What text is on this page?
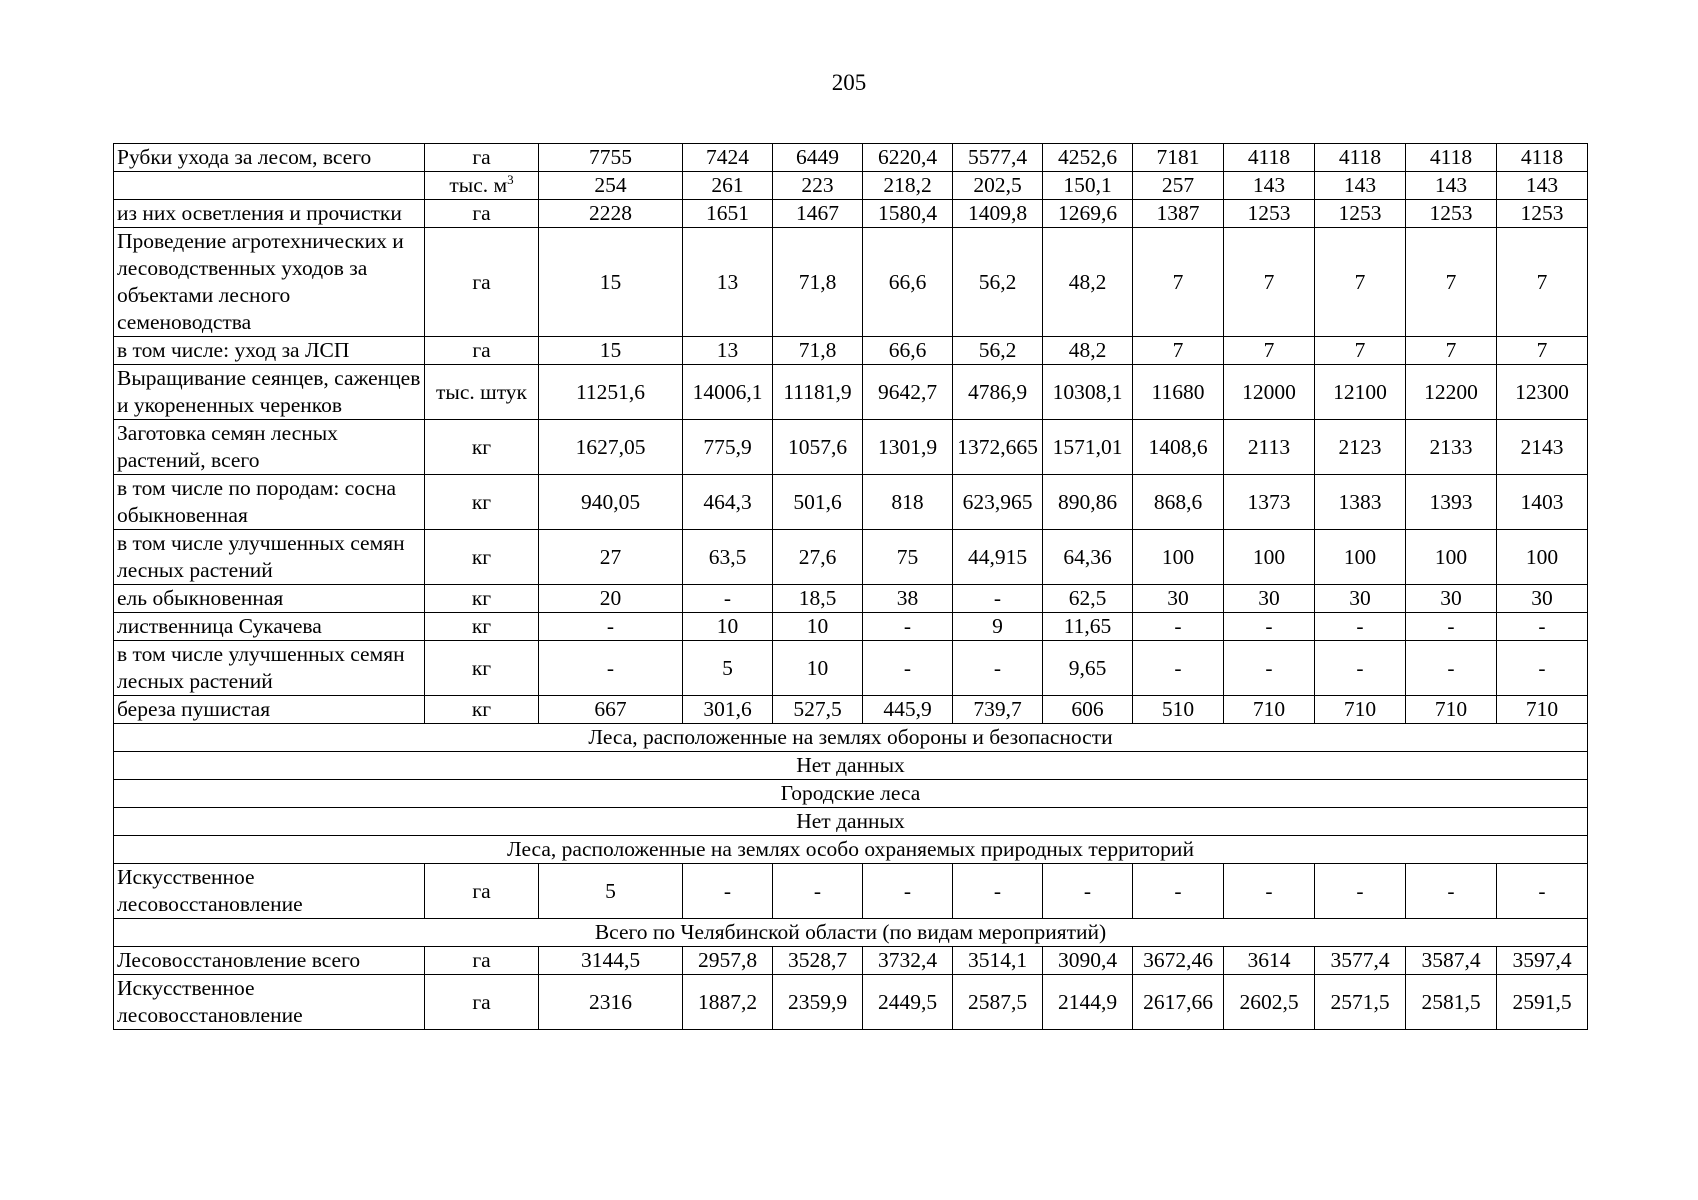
205
Рубки ухода за лесом, всего	га	7755	7424	6449	6220,4	5577,4	4252,6	7181	4118	4118	4118	4118
	тыс. $м^3$	254	261	223	218,2	202,5	150,1	257	143	143	143	143
из них осветления и прочистки	га	2228	1651	1467	1580,4	1409,8	1269,6	1387	1253	1253	1253	1253
Проведение агротехнических и лесоводственных уходов за объектами лесного семеноводства	га	15	13	71,8	66,6	56,2	48,2	7	7	7	7	7
в том числе: уход за ЛСП	га	15	13	71,8	66,6	56,2	48,2	7	7	7	7	7
Выращивание сеянцев, саженцев и укорененных черенков	тыс. штук	11251,6	14006,1	11181,9	9642,7	4786,9	10308,1	11680	12000	12100	12200	12300
Заготовка семян лесных растений, всего	кг	1627,05	775,9	1057,6	1301,9	1372,665	1571,01	1408,6	2113	2123	2133	2143
в том числе по породам: сосна обыкновенная	кг	940,05	464,3	501,6	818	623,965	890,86	868,6	1373	1383	1393	1403
в том числе улучшенных семян лесных растений	кг	27	63,5	27,6	75	44,915	64,36	100	100	100	100	100
ель обыкновенная	кг	20	-	18,5	38	-	62,5	30	30	30	30	30
лиственница Сукачева	кг	-	10	10	-	9	11,65	-	-	-	-	-
в том числе улучшенных семян лесных растений	кг	-	5	10	-	-	9,65	-	-	-	-	-
береза пушистая	кг	667	301,6	527,5	445,9	739,7	606	510	710	710	710	710
Леса, расположенные на землях обороны и безопасности												
Нет данных												
Городские леса												
Нет данных												
Леса, расположенные на землях особо охраняемых природных территорий												
Искусственное лесовосстановление	га	5	-	-	-	-	-	-	-	-	-	-
Всего по Челябинской области (по видам мероприятий)												
Лесовосстановление всего	га	3144,5	2957,8	3528,7	3732,4	3514,1	3090,4	3672,46	3614	3577,4	3587,4	3597,4
Искусственное лесовосстановление	га	2316	1887,2	2359,9	2449,5	2587,5	2144,9	2617,66	2602,5	2571,5	2581,5	2591,5
